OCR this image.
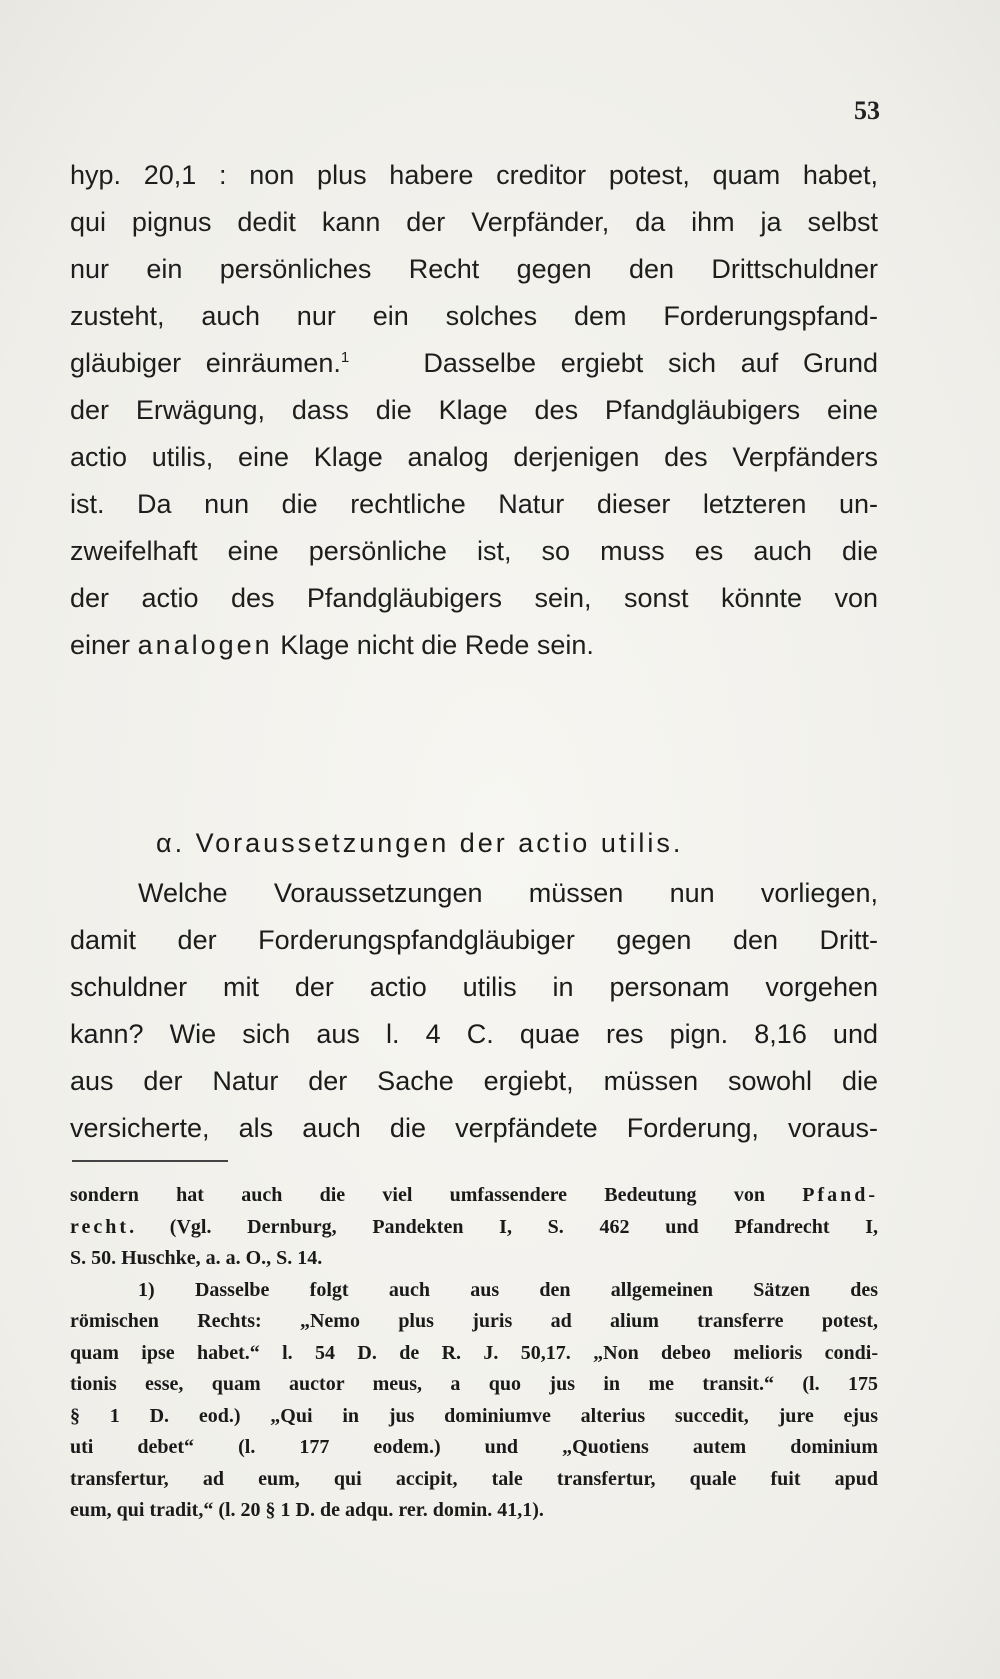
53
hyp. 20,1 : non plus habere creditor potest, quam habet,
qui pignus dedit kann der Verpfänder, da ihm ja selbst
nur ein persönliches Recht gegen den Drittschuldner
zusteht, auch nur ein solches dem Forderungspfand-
gläubiger einräumen.$^1$	Dasselbe ergiebt sich auf Grund
der Erwägung, dass die Klage des Pfandgläubigers eine
actio utilis, eine Klage analog derjenigen des Verpfänders
ist. Da nun die rechtliche Natur dieser letzteren un-
zweifelhaft eine persönliche ist, so muss es auch die
der actio des Pfandgläubigers sein, sonst könnte von
einer analogen Klage nicht die Rede sein.
α. Voraussetzungen der actio utilis.
Welche Voraussetzungen müssen nun vorliegen,
damit der Forderungspfandgläubiger gegen den Dritt-
schuldner mit der actio utilis in personam vorgehen
kann? Wie sich aus l. 4 C. quae res pign. 8,16 und
aus der Natur der Sache ergiebt, müssen sowohl die
versicherte, als auch die verpfändete Forderung, voraus-
sondern hat auch die viel umfassendere Bedeutung von Pfand-
recht. (Vgl. Dernburg, Pandekten I, S. 462 und Pfandrecht I,
S. 50. Huschke, a. a. O., S. 14.
1) Dasselbe folgt auch aus den allgemeinen Sätzen des
römischen Rechts: „Nemo plus juris ad alium transferre potest,
quam ipse habet.“ l. 54 D. de R. J. 50,17. „Non debeo melioris condi-
tionis esse, quam auctor meus, a quo jus in me transit.“ (l. 175
§ 1 D. eod.) „Qui in jus dominiumve alterius succedit, jure ejus
uti debet“ (l. 177 eodem.) und „Quotiens autem dominium
transfertur, ad eum, qui accipit, tale transfertur, quale fuit apud
eum, qui tradit,“ (l. 20 § 1 D. de adqu. rer. domin. 41,1).
